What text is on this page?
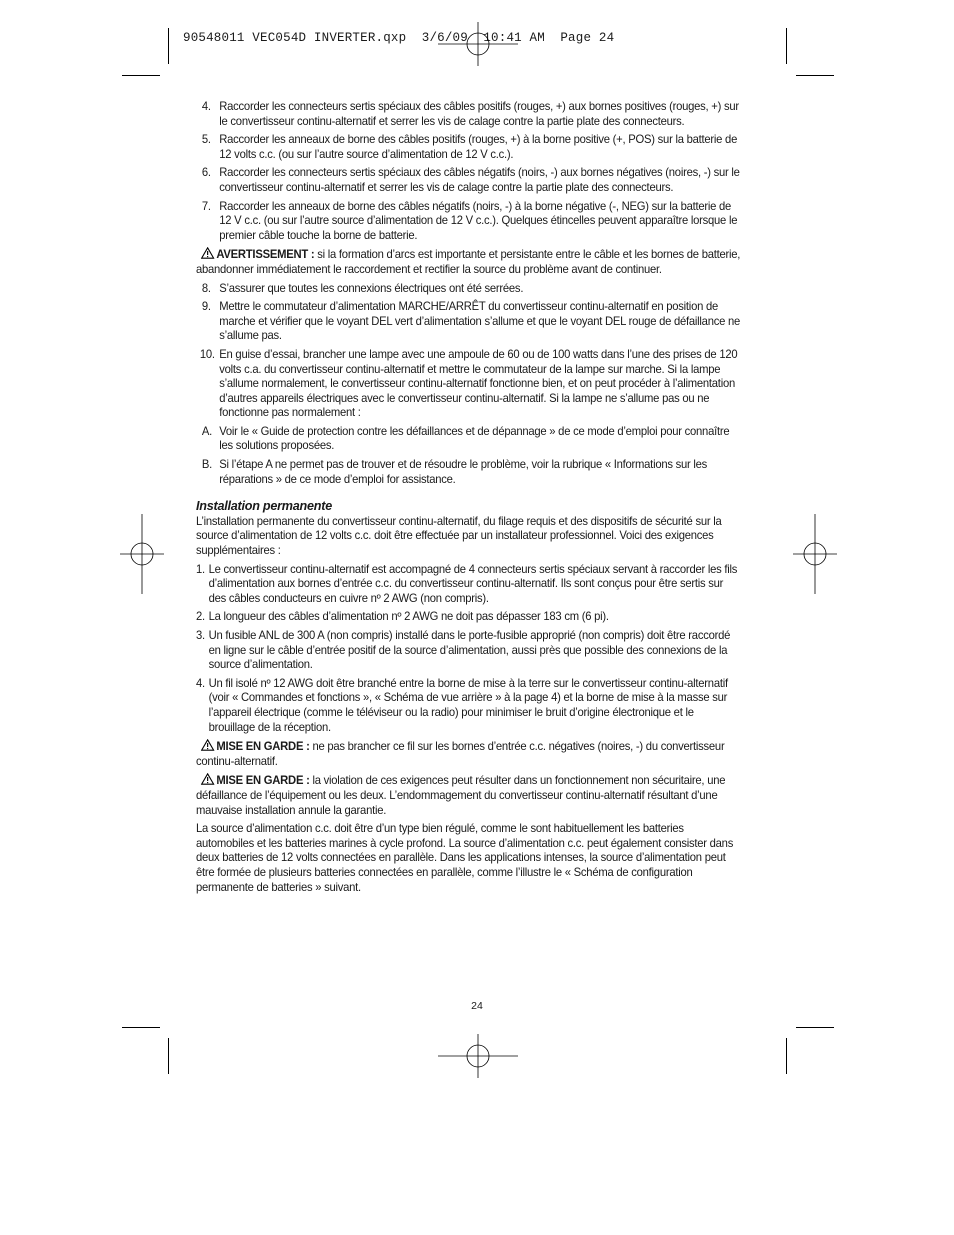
90548011 VEC054D INVERTER.qxp  3/6/09  10:41 AM  Page 24
4. Raccorder les connecteurs sertis spéciaux des câbles positifs (rouges, +) aux bornes positives (rouges, +) sur le convertisseur continu-alternatif et serrer les vis de calage contre la partie plate des connecteurs.
5. Raccorder les anneaux de borne des câbles positifs (rouges, +) à la borne positive (+, POS) sur la batterie de 12 volts c.c. (ou sur l’autre source d’alimentation de 12 V c.c.).
6. Raccorder les connecteurs sertis spéciaux des câbles négatifs (noirs, -) aux bornes négatives (noires, -) sur le convertisseur continu-alternatif et serrer les vis de calage contre la partie plate des connecteurs.
7. Raccorder les anneaux de borne des câbles négatifs (noirs, -) à la borne négative (-, NEG) sur la batterie de 12 V c.c. (ou sur l’autre source d’alimentation de 12 V c.c.). Quelques étincelles peuvent apparaître lorsque le premier câble touche la borne de batterie.
AVERTISSEMENT : si la formation d’arcs est importante et persistante entre le câble et les bornes de batterie, abandonner immédiatement le raccordement et rectifier la source du problème avant de continuer.
8. S’assurer que toutes les connexions électriques ont été serrées.
9. Mettre le commutateur d’alimentation MARCHE/ARRÊT du convertisseur continu-alternatif en position de marche et vérifier que le voyant DEL vert d’alimentation s’allume et que le voyant DEL rouge de défaillance ne s’allume pas.
10. En guise d’essai, brancher une lampe avec une ampoule de 60 ou de 100 watts dans l’une des prises de 120 volts c.a. du convertisseur continu-alternatif et mettre le commutateur de la lampe sur marche. Si la lampe s’allume normalement, le convertisseur continu-alternatif fonctionne bien, et on peut procéder à l’alimentation d’autres appareils électriques avec le convertisseur continu-alternatif. Si la lampe ne s’allume pas ou ne fonctionne pas normalement :
A. Voir le « Guide de protection contre les défaillances et de dépannage » de ce mode d’emploi pour connaître les solutions proposées.
B. Si l’étape A ne permet pas de trouver et de résoudre le problème, voir la rubrique « Informations sur les réparations » de ce mode d’emploi for assistance.
Installation permanente
L’installation permanente du convertisseur continu-alternatif, du filage requis et des dispositifs de sécurité sur la source d’alimentation de 12 volts c.c. doit être effectuée par un installateur professionnel. Voici des exigences supplémentaires :
1. Le convertisseur continu-alternatif est accompagné de 4 connecteurs sertis spéciaux servant à raccorder les fils d’alimentation aux bornes d’entrée c.c. du convertisseur continu-alternatif. Ils sont conçus pour être sertis sur des câbles conducteurs en cuivre nº 2 AWG (non compris).
2. La longueur des câbles d’alimentation nº 2 AWG ne doit pas dépasser 183 cm (6 pi).
3. Un fusible ANL de 300 A (non compris) installé dans le porte-fusible approprié (non compris) doit être raccordé en ligne sur le câble d’entrée positif de la source d’alimentation, aussi près que possible des connexions de la source d’alimentation.
4. Un fil isolé nº 12 AWG doit être branché entre la borne de mise à la terre sur le convertisseur continu-alternatif (voir « Commandes et fonctions », « Schéma de vue arrière » à la page 4) et la borne de mise à la masse sur l’appareil électrique (comme le téléviseur ou la radio) pour minimiser le bruit d’origine électronique et le brouillage de la réception.
MISE EN GARDE : ne pas brancher ce fil sur les bornes d’entrée c.c. négatives (noires, -) du convertisseur continu-alternatif.
MISE EN GARDE : la violation de ces exigences peut résulter dans un fonctionnement non sécuritaire, une défaillance de l’équipement ou les deux. L’endommagement du convertisseur continu-alternatif résultant d’une mauvaise installation annule la garantie.
La source d’alimentation c.c. doit être d’un type bien régulé, comme le sont habituellement les batteries automobiles et les batteries marines à cycle profond. La source d’alimentation c.c. peut également consister dans deux batteries de 12 volts connectées en parallèle. Dans les applications intenses, la source d’alimentation peut être formée de plusieurs batteries connectées en parallèle, comme l’illustre le « Schéma de configuration permanente de batteries » suivant.
24
